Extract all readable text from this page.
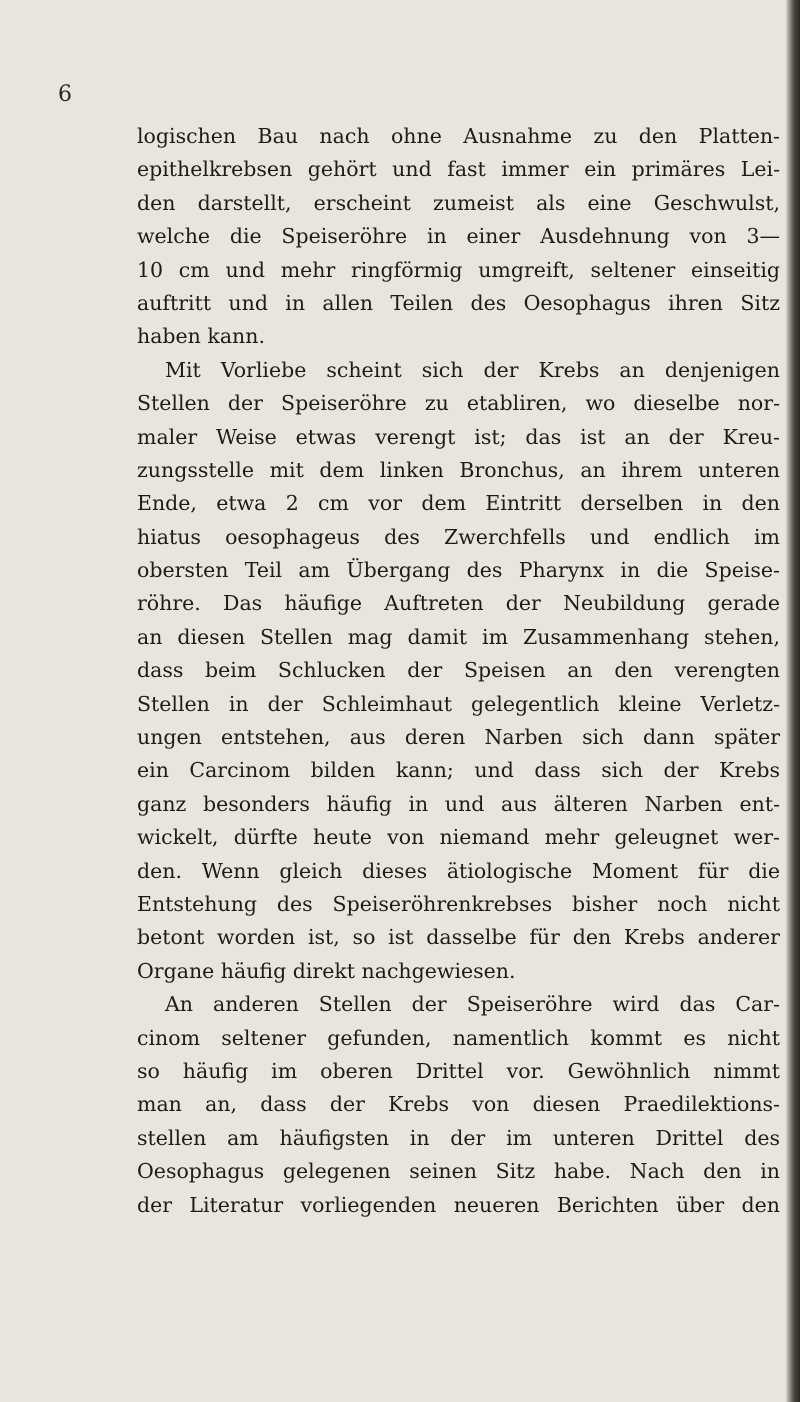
6
logischen Bau nach ohne Ausnahme zu den Platten-
epithelkrebsen gehört und fast immer ein primäres Lei-
den darstellt, erscheint zumeist als eine Geschwulst,
welche die Speiseröhre in einer Ausdehnung von 3—
10 cm und mehr ringförmig umgreift, seltener einseitig
auftritt und in allen Teilen des Oesophagus ihren Sitz
haben kann.
Mit Vorliebe scheint sich der Krebs an denjenigen
Stellen der Speiseröhre zu etabliren, wo dieselbe nor-
maler Weise etwas verengt ist; das ist an der Kreu-
zungsstelle mit dem linken Bronchus, an ihrem unteren
Ende, etwa 2 cm vor dem Eintritt derselben in den
hiatus oesophageus des Zwerchfells und endlich im
obersten Teil am Übergang des Pharynx in die Speise-
röhre. Das häufige Auftreten der Neubildung gerade
an diesen Stellen mag damit im Zusammenhang stehen,
dass beim Schlucken der Speisen an den verengten
Stellen in der Schleimhaut gelegentlich kleine Verletz-
ungen entstehen, aus deren Narben sich dann später
ein Carcinom bilden kann; und dass sich der Krebs
ganz besonders häufig in und aus älteren Narben ent-
wickelt, dürfte heute von niemand mehr geleugnet wer-
den. Wenn gleich dieses ätiologische Moment für die
Entstehung des Speiseröhrenkrebses bisher noch nicht
betont worden ist, so ist dasselbe für den Krebs anderer
Organe häufig direkt nachgewiesen.
An anderen Stellen der Speiseröhre wird das Car-
cinom seltener gefunden, namentlich kommt es nicht
so häufig im oberen Drittel vor. Gewöhnlich nimmt
man an, dass der Krebs von diesen Praedilektions-
stellen am häufigsten in der im unteren Drittel des
Oesophagus gelegenen seinen Sitz habe. Nach den in
der Literatur vorliegenden neueren Berichten über den
